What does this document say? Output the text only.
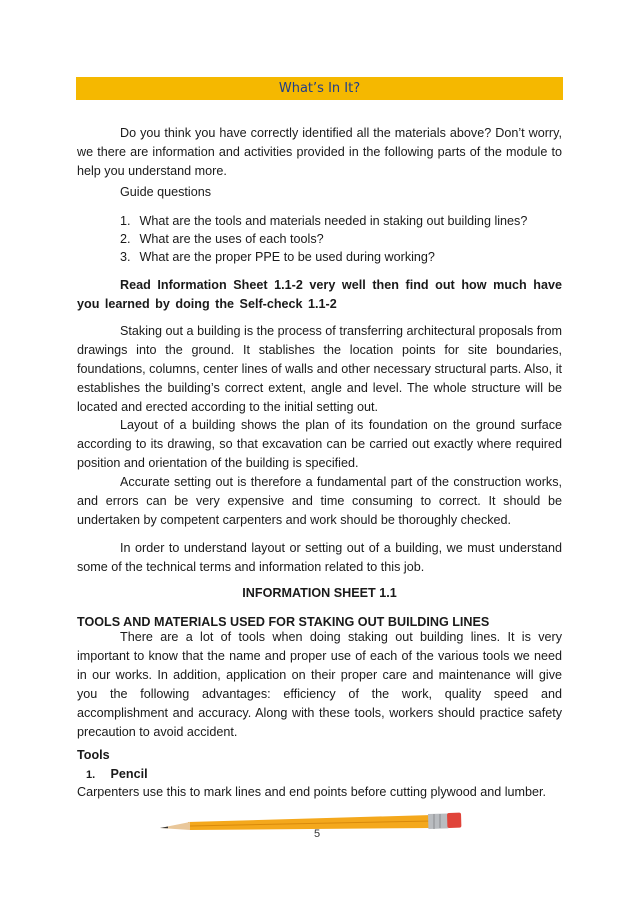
What’s In It?

Do you think you have correctly identified all the materials above? Don’t worry, we there are information and activities provided in the following parts of the module to help you understand more.

Guide questions

1. What are the tools and materials needed in staking out building lines?
2. What are the uses of each tools?
3. What are the proper PPE to be used during working?

Read Information Sheet 1.1-2 very well then find out how much have you learned by doing the Self-check 1.1-2

Staking out a building is the process of transferring architectural proposals from drawings into the ground. It stablishes the location points for site boundaries, foundations, columns, center lines of walls and other necessary structural parts. Also, it establishes the building’s correct extent, angle and level. The whole structure will be located and erected according to the initial setting out.

Layout of a building shows the plan of its foundation on the ground surface according to its drawing, so that excavation can be carried out exactly where required position and orientation of the building is specified.

Accurate setting out is therefore a fundamental part of the construction works, and errors can be very expensive and time consuming to correct. It should be undertaken by competent carpenters and work should be thoroughly checked.

In order to understand layout or setting out of a building, we must understand some of the technical terms and information related to this job.

INFORMATION SHEET 1.1

TOOLS AND MATERIALS USED FOR STAKING OUT BUILDING LINES

There are a lot of tools when doing staking out building lines. It is very important to know that the name and proper use of each of the various tools we need in our works. In addition, application on their proper care and maintenance will give you the following advantages: efficiency of the work, quality speed and accomplishment and accuracy. Along with these tools, workers should practice safety precaution to avoid accident.

Tools

1. Pencil

Carpenters use this to mark lines and end points before cutting plywood and lumber.

5
